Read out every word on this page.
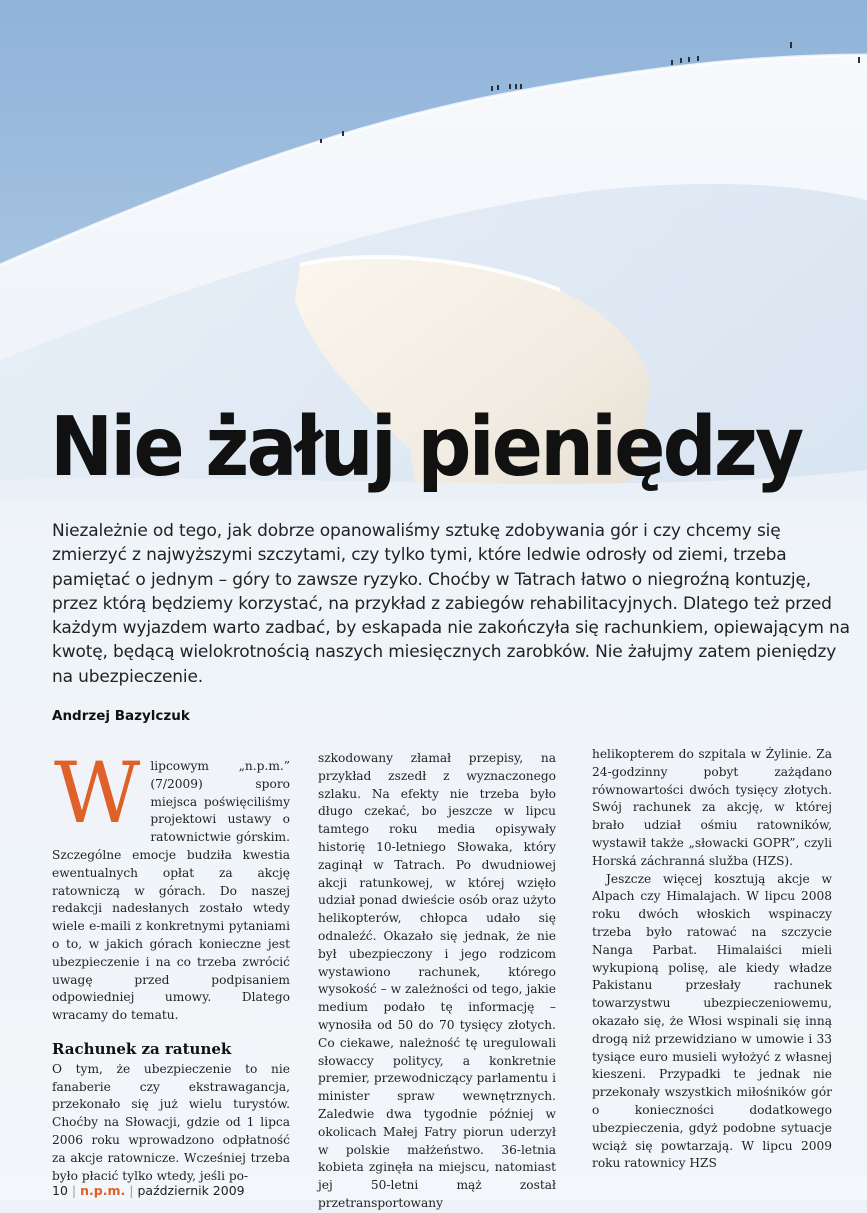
Nie żałuj pieniędzy

Niezależnie od tego, jak dobrze opanowaliśmy sztukę zdobywania gór i czy chcemy się zmierzyć z najwyższymi szczytami, czy tylko tymi, które ledwie odrosły od ziemi, trzeba pamiętać o jednym – góry to zawsze ryzyko. Choćby w Tatrach łatwo o niegroźną kontuzję, przez którą będziemy korzystać, na przykład z zabiegów rehabilitacyjnych. Dlatego też przed każdym wyjazdem warto zadbać, by eskapada nie zakończyła się rachunkiem, opiewającym na kwotę, będącą wielokrotnością naszych miesięcznych zarobków. Nie żałujmy zatem pieniędzy na ubezpieczenie.

Andrzej Bazylczuk
W lipcowym „n.p.m.” (7/2009) sporo miejsca poświęciliśmy projektowi ustawy o ratownictwie górskim. Szczególne emocje budziła kwestia ewentualnych opłat za akcję ratowniczą w górach. Do naszej redakcji nadesłanych zostało wtedy wiele e-maili z konkretnymi pytaniami o to, w jakich górach konieczne jest ubezpieczenie i na co trzeba zwrócić uwagę przed podpisaniem odpowiedniej umowy. Dlatego wracamy do tematu.

Rachunek za ratunek

O tym, że ubezpieczenie to nie fanaberie czy ekstrawagancja, przekonało się już wielu turystów. Choćby na Słowacji, gdzie od 1 lipca 2006 roku wprowadzono odpłatność za akcje ratownicze. Wcześniej trzeba było płacić tylko wtedy, jeśli po-

szkodowany złamał przepisy, na przykład zszedł z wyznaczonego szlaku. Na efekty nie trzeba było długo czekać, bo jeszcze w lipcu tamtego roku media opisywały historię 10-letniego Słowaka, który zaginął w Tatrach. Po dwudniowej akcji ratunkowej, w której wzięło udział ponad dwieście osób oraz użyto helikopterów, chłopca udało się odnaleźć. Okazało się jednak, że nie był ubezpieczony i jego rodzicom wystawiono rachunek, którego wysokość – w zależności od tego, jakie medium podało tę informację – wynosiła od 50 do 70 tysięcy złotych. Co ciekawe, należność tę uregulowali słowaccy politycy, a konkretnie premier, przewodniczący parlamentu i minister spraw wewnętrznych. Zaledwie dwa tygodnie później w okolicach Małej Fatry piorun uderzył w polskie małżeństwo. 36-letnia kobieta zginęła na miejscu, natomiast jej 50-letni mąż został przetransportowany

helikopterem do szpitala w Żylinie. Za 24-godzinny pobyt zażądano równowartości dwóch tysięcy złotych. Swój rachunek za akcję, w której brało udział ośmiu ratowników, wystawił także „słowacki GOPR”, czyli Horská záchranná služba (HZS).

Jeszcze więcej kosztują akcje w Alpach czy Himalajach. W lipcu 2008 roku dwóch włoskich wspinaczy trzeba było ratować na szczycie Nanga Parbat. Himalaiści mieli wykupioną polisę, ale kiedy władze Pakistanu przesłały rachunek towarzystwu ubezpieczeniowemu, okazało się, że Włosi wspinali się inną drogą niż przewidziano w umowie i 33 tysiące euro musieli wyłożyć z własnej kieszeni. Przypadki te jednak nie przekonały wszystkich miłośników gór o konieczności dodatkowego ubezpieczenia, gdyż podobne sytuacje wciąż się powtarzają. W lipcu 2009 roku ratownicy HZS

10 | n.p.m. | październik 2009
